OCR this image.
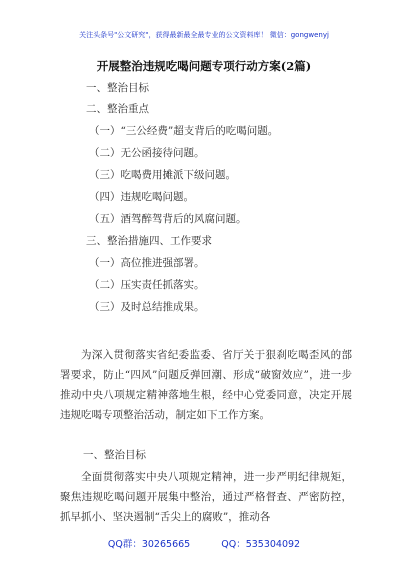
关注头条号"公文研究"，获得最新最全最专业的公文资料库！ 微信：gongwenyj
开展整治违规吃喝问题专项行动方案(2篇)
一、整治目标
二、整治重点
（一）“三公经费”超支背后的吃喝问题。
（二）无公函接待问题。
（三）吃喝费用摊派下级问题。
（四）违规吃喝问题。
（五）酒驾醉驾背后的风腐问题。
三、整治措施四、工作要求
（一）高位推进强部署。
（二）压实责任抓落实。
（三）及时总结推成果。

为深入贯彻落实省纪委监委、省厅关于狠刹吃喝歪风的部署要求，防止“四风”问题反弹回潮、形成“破窗效应”，进一步推动中央八项规定精神落地生根，经中心党委同意，决定开展违规吃喝专项整治活动，制定如下工作方案。

一、整治目标

全面贯彻落实中央八项规定精神，进一步严明纪律规矩，聚焦违规吃喝问题开展集中整治，通过严格督查、严密防控，抓早抓小、坚决遏制“舌尖上的腐败”，推动各

QQ群：30265665	QQ：535304092
